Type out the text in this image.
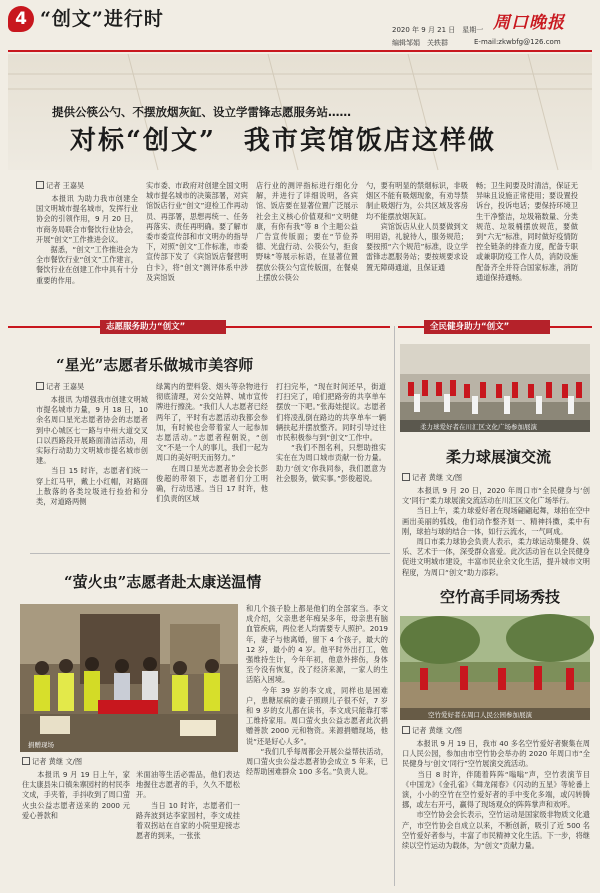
4 “创文”进行时	2020 年 9 月 21 日　星期一
编辑邹娟　关轶群
周口晚报
E-mail:zkwbfg@126.com
提供公筷公勺、不摆放烟灰缸、设立学雷锋志愿服务站……
对标“创文”　我市宾馆饭店这样做
记者 王嘉昊
　　本报讯 为助力我市创建全国文明城市提名城市，发挥行业协会的引领作用，9 月 20 日，市商务局联合市餐饮行业协会，开展“创文”工作推进会议。
　　据悉，“创文”工作推进会为全市餐饮行业“创文”工作建言，餐饮行业在创建工作中具有十分重要的作用。
实市委、市政府对创建全国文明城市提名城市的决策部署，对宾馆饭店行业“创文”迎检工作再动员、再部署，思想再统一、任务再落实、责任再明确。要了解市委市委宣传部和市文明办的指导下，对照“创文”工作标准，市委宣传部下发了《宾馆饭店餐营明白卡》，将“创文”测评体系中涉及宾馆饭
店行业的测评指标进行细化分解，并进行了详细说明，各宾馆、饭店要在显著位置广泛展示社会主义核心价值观和“文明健康，有你有我”等 8 个主题公益广告宣传版面；要在“节俭养德、光盘行动、公筷公勺，拒食野味”等展示标语，在显著位置摆放公筷公勺宣传版面，在餐桌上摆放公筷公
勺，要有明显的禁烟标识，非吸烟区不能有吸烟现象，有劝导禁制止吸烟行为，公共区域及客房均不能摆放烟灰缸。
　　宾馆饭店从业人员要做到文明用语，礼貌待人，服务规范；要按照“六个规范”标准，设立学雷锋志愿服务站；要按规要求设置无障碍通道，且保证通
畅；卫生间要及时清洁，保证无异味且设施正常使用；要设置投诉台，投诉电话；要保持环境卫生干净整洁，垃圾箱数量、分类规范、垃圾桶摆放规范，要做到“六无”标准，同时做好疫情防控全链条的排查力度，配备专职或兼职防疫工作人员，消防设施配备齐全并符合国家标准，消防通道保持通畅。
志愿服务助力“创文”
“星光”志愿者乐做城市美容师
记者 王嘉昊
　　本报讯 为增强我市创建文明城市提名城市力量，9 月 18 日，10 余名周口星光志愿者协会的志愿者到中心城区七一路与中州大道交叉口以西路段开展路面清洁活动，用实际行动助力文明城市提名城市创建。
　　当日 15 时许，志愿者们统一穿上红马甲，戴上小红帽，对路面上散落的各类垃圾进行捡拾和分类，对道路两侧
绿篱内的塑料袋、烟头等杂物进行彻底清理，对公交站牌、城市宣传牌进行擦洗。“我们人人志愿者已经两年了，平时有志愿活动我都会参加，有时候也会带着家人一起参加志愿活动。”志愿者程朝说，“创文”不是一个人的事儿，我们一起为周口的美好明天而努力。”
　　在周口星光志愿者协会会长彭俊超的带领下，志愿者们分工明确，行动迅速。当日 17 时许，他们负责的区域
打扫完毕，“现在时间还早，街道打扫完了，咱们把路旁的共享单车摆放一下吧。”张海娃提议。志愿者们将凌乱倒在路边的共享单车一辆辆扶起并摆放整齐。同时引导过往市民积极参与到“创文”工作中。
　　“我们不图名利，只想助推实实在在为周口城市贡献一份力量。助力‘创文’你我同参，我们愿意为社会服务，做实事。”彭俊超说。
“萤火虫”志愿者赴太康送温情
捐赠现场
记者 黄继 文/图
　　本报讯 9 月 19 日上午，家住太康县朱口镇朱寨园村的村民李文成，手夹着，手抖收到了周口萤火虫公益志愿者送来的 2000 元爱心善款和
米面油等生活必需品，他们表达地握住志愿者的手，久久不愿松开。
　　当日 10 时许，志愿者们一路奔波到达李家园村，李文成挂着双拐站在自家的小院里迎接志愿者的到来，一张张
和几个孩子脸上都是他们的全部家当。李文成介绍，父亲患老年痴呆多年，母亲患有脑血管疾病，两位老人均需要专人照护。2019 年，妻子与他离婚，留下 4 个孩子，最大的 12 岁，最小的 4 岁。他平时外出打工，勉强维持生计，今年年初，他意外摔伤，身体至今没有恢复，没了经济来源，一家人的生活陷入困境。
　　今年 39 岁的李文成，同样也是困难户，患糖尿病的妻子照顾儿子很不好，7 岁和 9 岁的女儿都在读书，李文成只能靠打零工维持家用。周口萤火虫公益志愿者此次捐赠善款 2000 元和物资。来源捐赠现场，他说“还是好心人多”。
　　“我们几乎每周都会开展公益帮扶活动，周口萤火虫公益志愿者协会成立 5 年来，已经帮助困难群众 100 多名。”负责人说。
全民健身助力“创文”
柔力球爱好者在川汇区文化广场参加展演
柔力球展演交流
记者 黄继 文/图
　　本报讯 9 月 20 日，2020 年周口市“全民健身与‘创文’同行”柔力球展演交流活动在川汇区文化广场举行。
　　当日上午，柔力球爱好者在现场翩翩起舞，球拍在空中画出美丽的弧线，他们动作整齐划一、精神抖擞，柔中有刚，球拍与球的结合一体，如行云流水，一气呵成。
　　周口市柔力球协会负责人表示，柔力球运动集健身、娱乐、艺术于一体，深受群众喜爱。此次活动旨在以全民健身促进文明城市建设，丰富市民业余文化生活，提升城市文明程度，为周口“创文”助力添彩。
空竹高手同场秀技
空竹爱好者在周口人民公园参加展演
记者 黄继 文/图
　　本报讯 9 月 19 日，我市 40 多名空竹爱好者聚集在周口人民公园，参加由市空竹协会举办的 2020 年周口市“全民健身与‘创文’同行”空竹展演交流活动。
　　当日 8 时许，伴随着阵阵“嗡嗡”声，空竹表演节目《中国龙》《金孔雀》《舞龙闹春》《闪动的五星》等轮番上演，小小的空竹在空竹爱好者的手中变化多端，或闪转腾挪，或左右开弓，赢得了现场观众的阵阵掌声和欢呼。
　　市空竹协会会长表示，空竹运动是国家级非物质文化遗产，市空竹协会自成立以来，不断创新，吸引了近 500 名空竹爱好者参与，丰富了市民精神文化生活。下一步，将继续以空竹运动为载体，为“创文”贡献力量。
